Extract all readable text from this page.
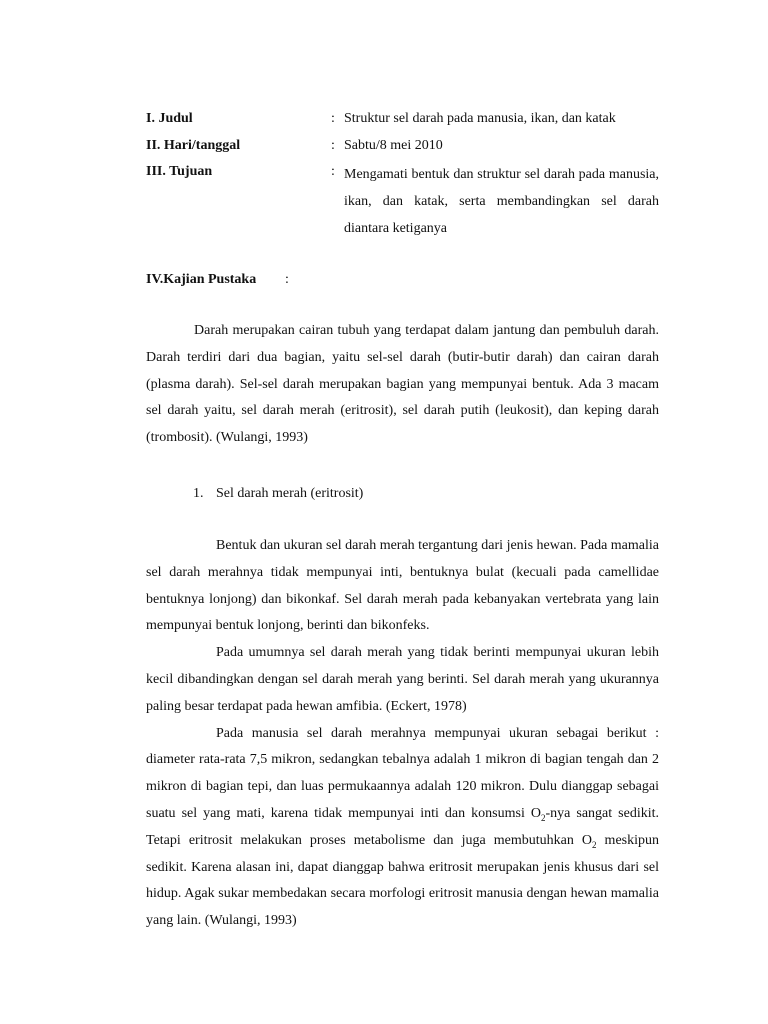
I. Judul	: Struktur sel darah pada manusia, ikan, dan katak
II. Hari/tanggal	: Sabtu/8 mei 2010
III. Tujuan	: Mengamati bentuk dan struktur sel darah pada manusia, ikan, dan katak, serta membandingkan sel darah diantara ketiganya
IV.Kajian Pustaka :

Darah merupakan cairan tubuh yang terdapat dalam jantung dan pembuluh darah. Darah terdiri dari dua bagian, yaitu sel-sel darah (butir-butir darah) dan cairan darah (plasma darah). Sel-sel darah merupakan bagian yang mempunyai bentuk. Ada 3 macam sel darah yaitu, sel darah merah (eritrosit), sel darah putih (leukosit), dan keping darah (trombosit). (Wulangi, 1993)

1. Sel darah merah (eritrosit)

Bentuk dan ukuran sel darah merah tergantung dari jenis hewan. Pada mamalia sel darah merahnya tidak mempunyai inti, bentuknya bulat (kecuali pada camellidae bentuknya lonjong) dan bikonkaf. Sel darah merah pada kebanyakan vertebrata yang lain mempunyai bentuk lonjong, berinti dan bikonfeks.

Pada umumnya sel darah merah yang tidak berinti mempunyai ukuran lebih kecil dibandingkan dengan sel darah merah yang berinti. Sel darah merah yang ukurannya paling besar terdapat pada hewan amfibia. (Eckert, 1978)

Pada manusia sel darah merahnya mempunyai ukuran sebagai berikut : diameter rata-rata 7,5 mikron, sedangkan tebalnya adalah 1 mikron di bagian tengah dan 2 mikron di bagian tepi, dan luas permukaannya adalah 120 mikron. Dulu dianggap sebagai suatu sel yang mati, karena tidak mempunyai inti dan konsumsi $O_2$-nya sangat sedikit. Tetapi eritrosit melakukan proses metabolisme dan juga membutuhkan $O_2$ meskipun sedikit. Karena alasan ini, dapat dianggap bahwa eritrosit merupakan jenis khusus dari sel hidup. Agak sukar membedakan secara morfologi eritrosit manusia dengan hewan mamalia yang lain. (Wulangi, 1993)
